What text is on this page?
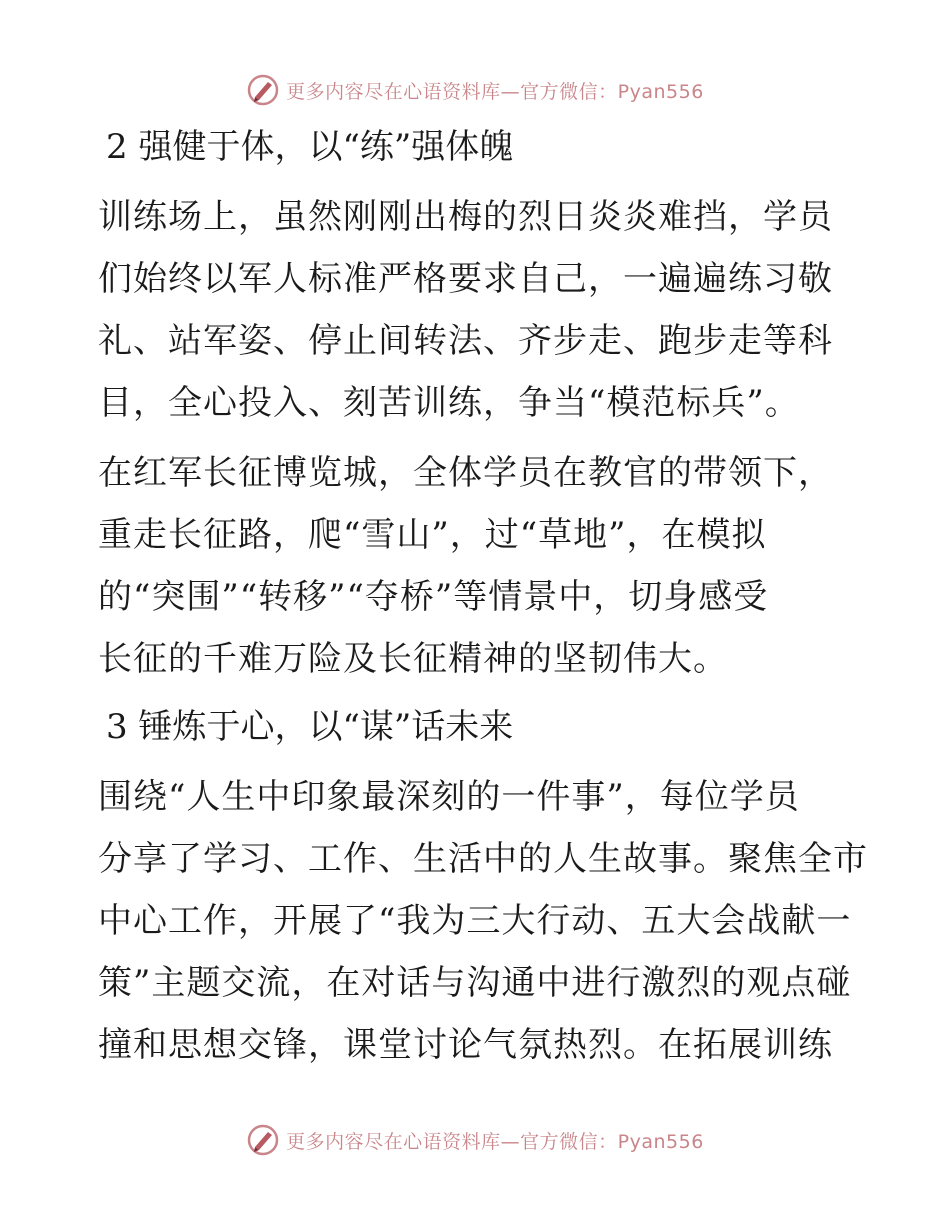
更多内容尽在心语资料库—官方微信：Pyan556
2 强健于体，以“练”强体魄

训练场上，虽然刚刚出梅的烈日炎炎难挡，学员
们始终以军人标准严格要求自己，一遍遍练习敬
礼、站军姿、停止间转法、齐步走、跑步走等科
目，全心投入、刻苦训练，争当“模范标兵”。

在红军长征博览城，全体学员在教官的带领下，
重走长征路，爬“雪山”，过“草地”，在模拟
的“突围”“转移”“夺桥”等情景中，切身感受
长征的千难万险及长征精神的坚韧伟大。

3 锤炼于心，以“谋”话未来

围绕“人生中印象最深刻的一件事”，每位学员
分享了学习、工作、生活中的人生故事。聚焦全市
中心工作，开展了“我为三大行动、五大会战献一
策”主题交流，在对话与沟通中进行激烈的观点碰
撞和思想交锋，课堂讨论气氛热烈。在拓展训练

更多内容尽在心语资料库—官方微信：Pyan556
